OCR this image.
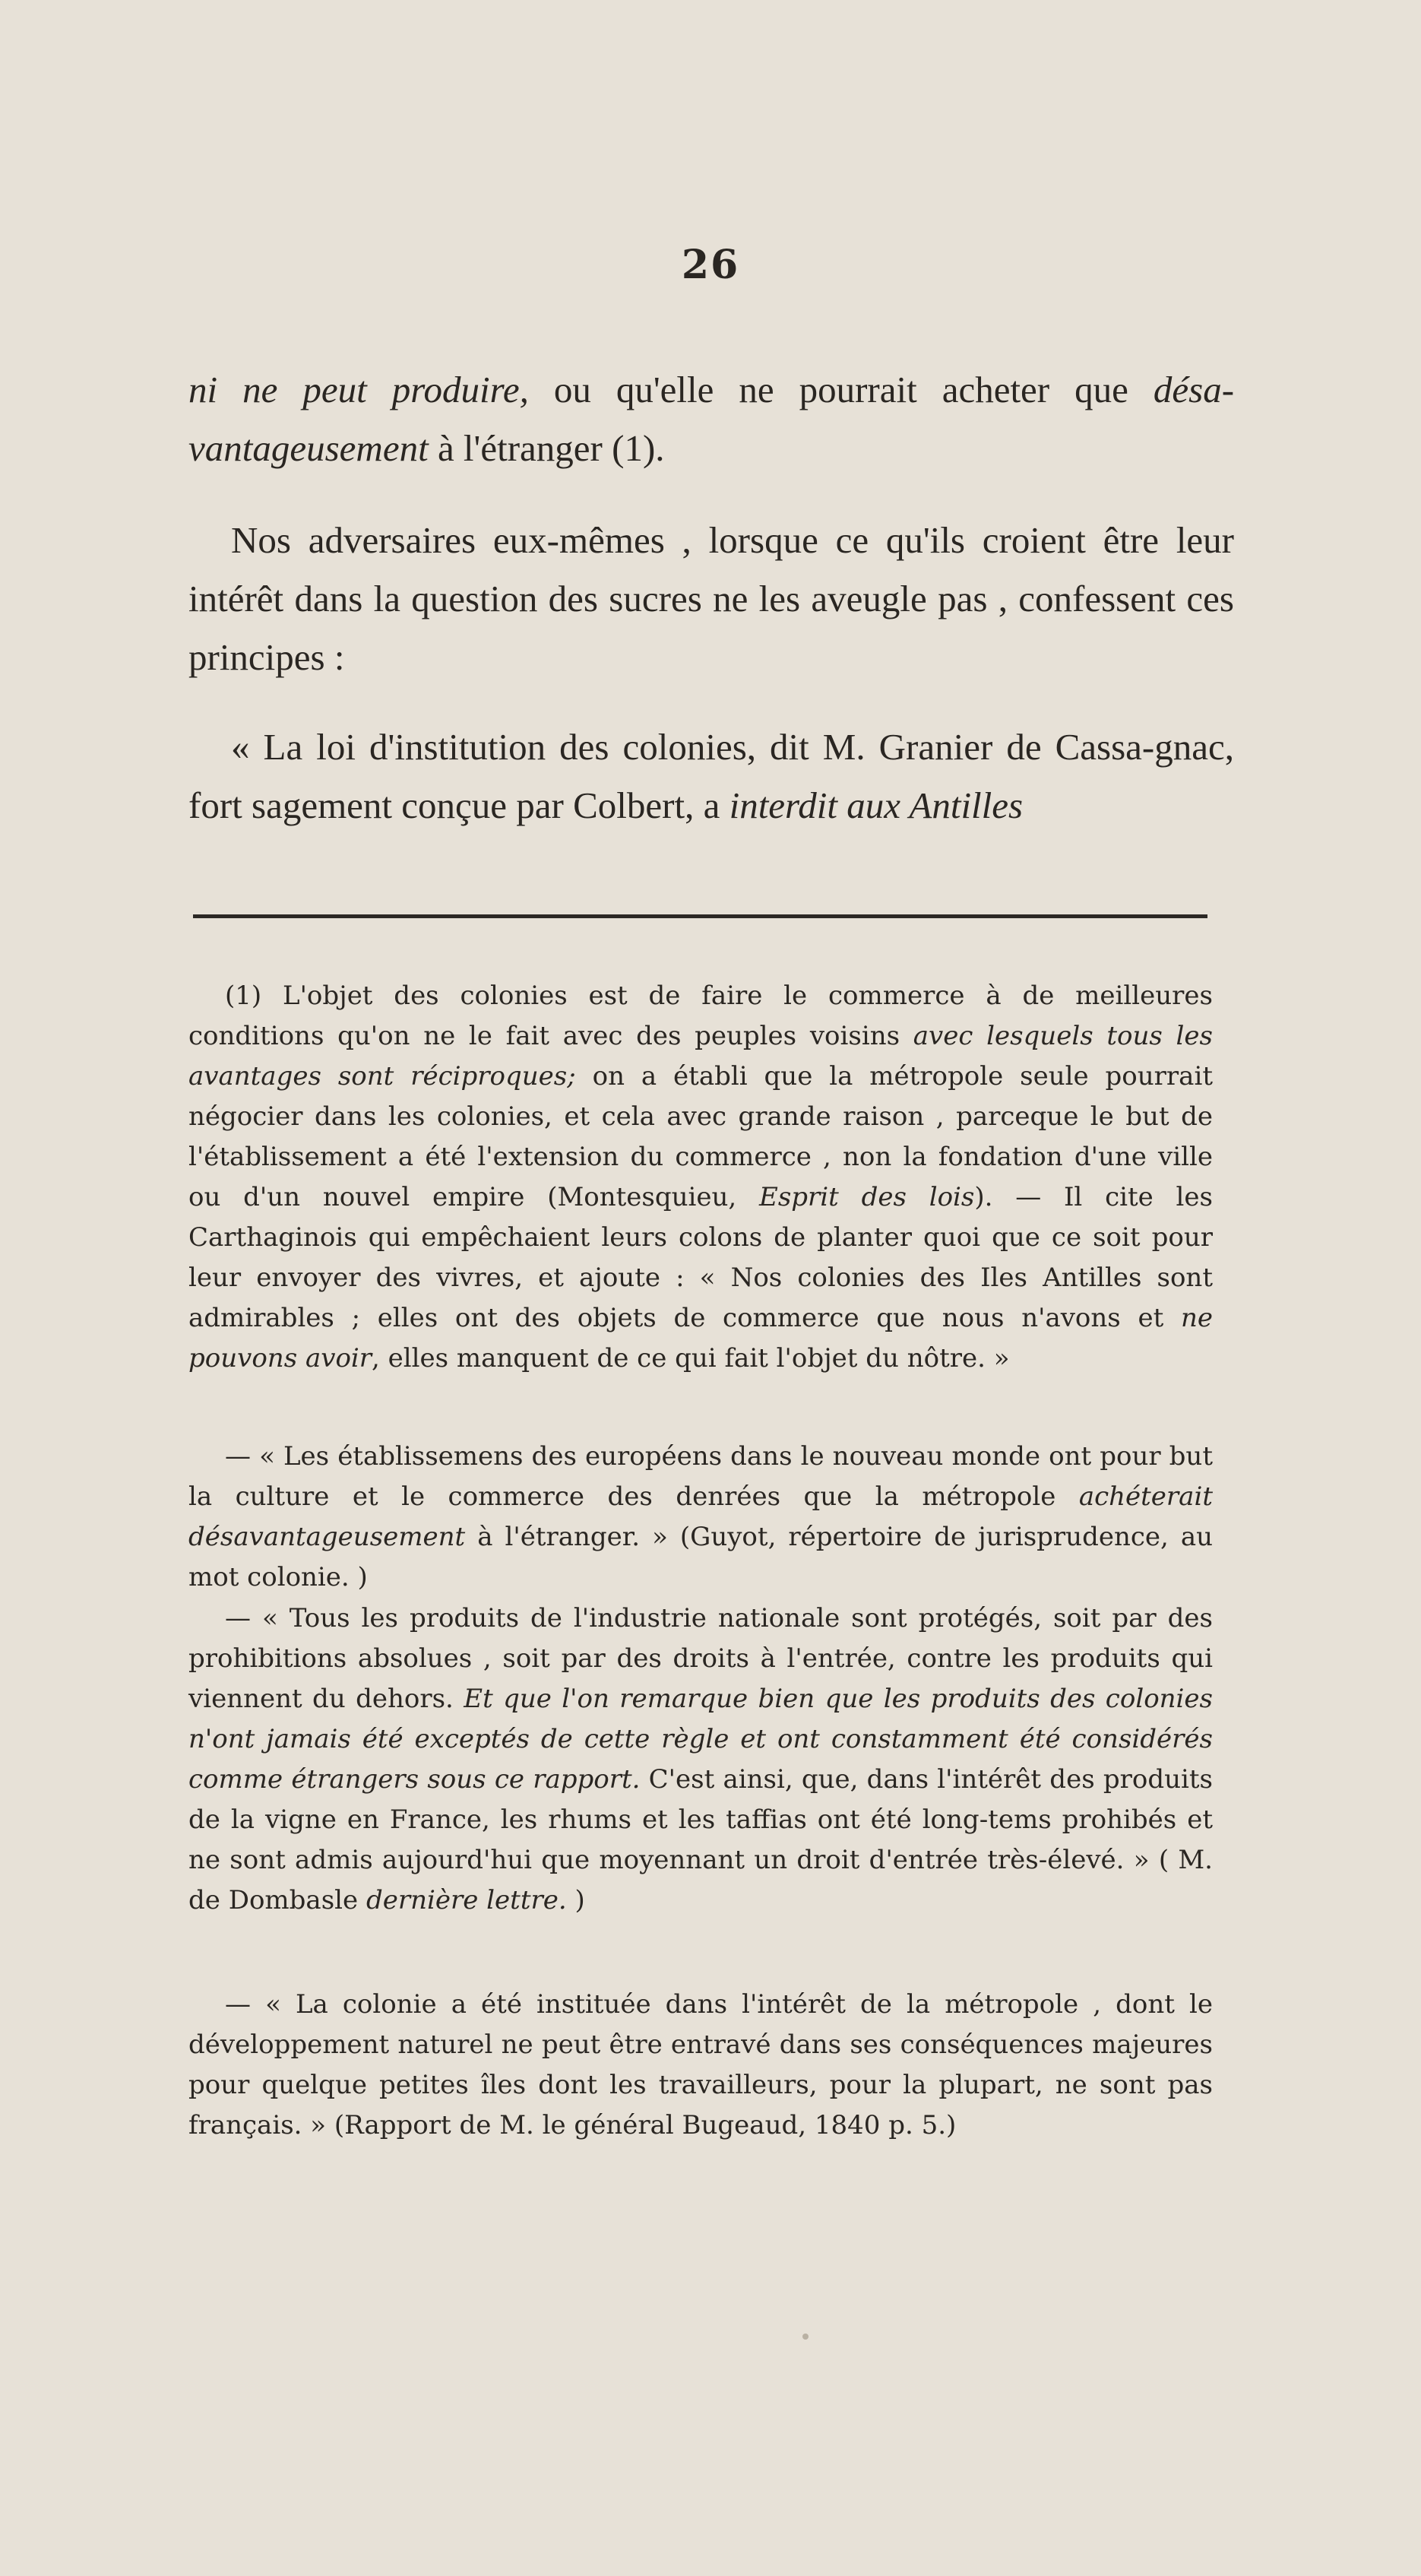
26

ni ne peut produire, ou qu'elle ne pourrait acheter que désa-vantageusement à l'étranger (1).

Nos adversaires eux-mêmes , lorsque ce qu'ils croient être leur intérêt dans la question des sucres ne les aveugle pas , confessent ces principes :

« La loi d'institution des colonies, dit M. Granier de Cassa-gnac, fort sagement conçue par Colbert, a interdit aux Antilles

(1) L'objet des colonies est de faire le commerce à de meilleures conditions qu'on ne le fait avec des peuples voisins avec lesquels tous les avantages sont réciproques; on a établi que la métropole seule pourrait négocier dans les colonies, et cela avec grande raison , parceque le but de l'établissement a été l'extension du commerce , non la fondation d'une ville ou d'un nouvel empire (Montesquieu, Esprit des lois). — Il cite les Carthaginois qui empêchaient leurs colons de planter quoi que ce soit pour leur envoyer des vivres, et ajoute : « Nos colonies des Iles Antilles sont admirables ; elles ont des objets de commerce que nous n'avons et ne pouvons avoir, elles manquent de ce qui fait l'objet du nôtre. »

— « Les établissemens des européens dans le nouveau monde ont pour but la culture et le commerce des denrées que la métropole achéterait désavantageusement à l'étranger. » (Guyot, répertoire de jurisprudence, au mot colonie. )

— « Tous les produits de l'industrie nationale sont protégés, soit par des prohibitions absolues , soit par des droits à l'entrée, contre les produits qui viennent du dehors. Et que l'on remarque bien que les produits des colonies n'ont jamais été exceptés de cette règle et ont constamment été considérés comme étrangers sous ce rapport. C'est ainsi, que, dans l'intérêt des produits de la vigne en France, les rhums et les taffias ont été long-tems prohibés et ne sont admis aujourd'hui que moyennant un droit d'entrée très-élevé. » ( M. de Dombasle dernière lettre. )

— « La colonie a été instituée dans l'intérêt de la métropole , dont le développement naturel ne peut être entravé dans ses conséquences majeures pour quelque petites îles dont les travailleurs, pour la plupart, ne sont pas français. » (Rapport de M. le général Bugeaud, 1840 p. 5.)
